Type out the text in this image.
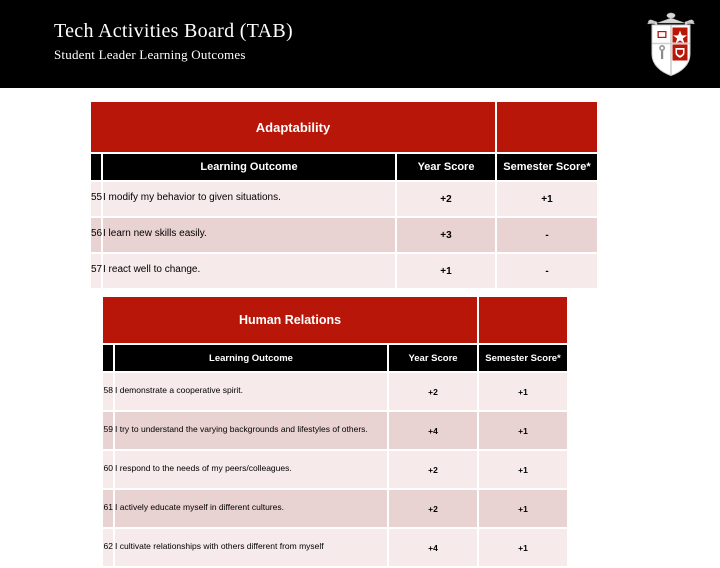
Tech Activities Board (TAB)
Student Leader Learning Outcomes
Adaptability			
	Learning Outcome	Year Score	Semester Score*
55	I modify my behavior to given situations.	+2	+1
56	I learn new skills easily.	+3	-
57	I react well to change.	+1	-
Human Relations			
	Learning Outcome	Year Score	Semester Score*
58	I demonstrate a cooperative spirit.	+2	+1
59	I try to understand the varying backgrounds and lifestyles of others.	+4	+1
60	I respond to the needs of my peers/colleagues.	+2	+1
61	I actively educate myself in different cultures.	+2	+1
62	I cultivate relationships with others different from myself	+4	+1
